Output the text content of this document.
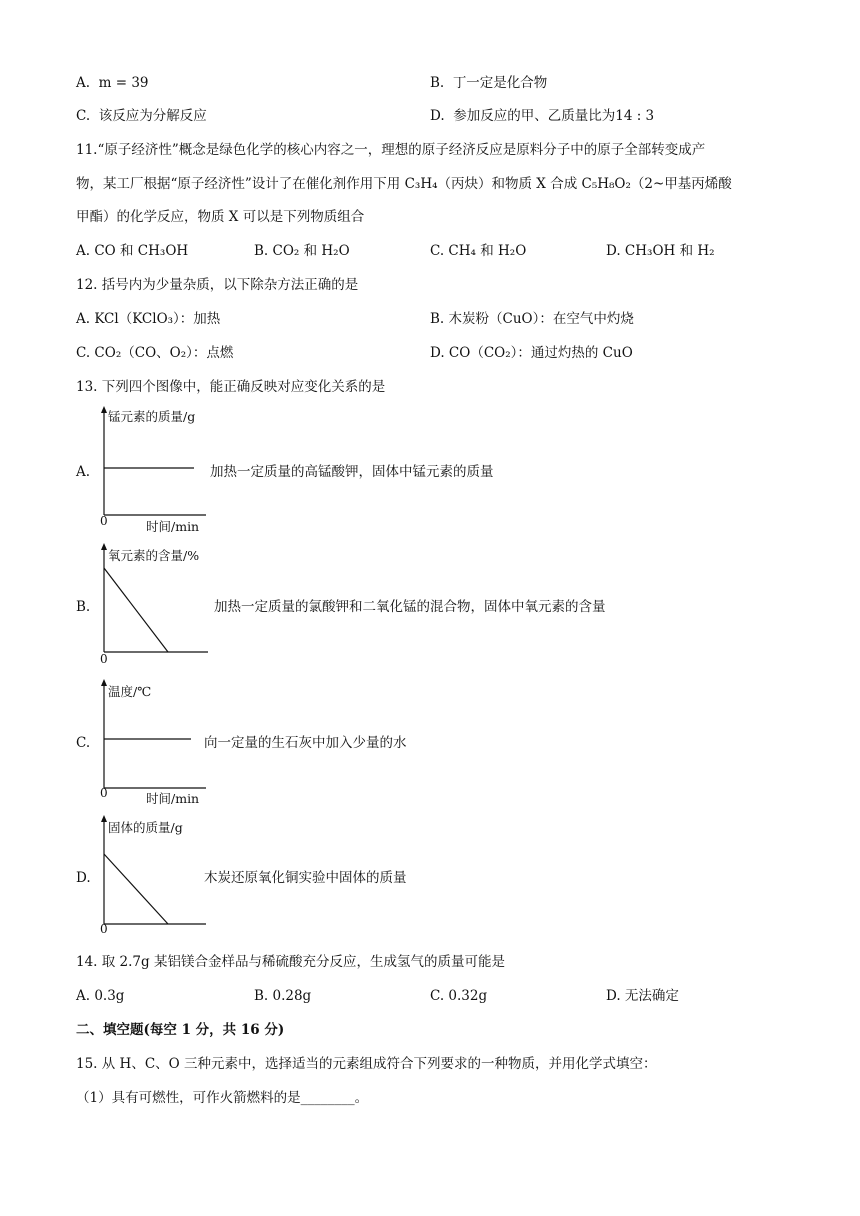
A. m = 39	B. 丁一定是化合物
C. 该反应为分解反应	D. 参加反应的甲、乙质量比为14 : 3
11.“原子经济性”概念是绿色化学的核心内容之一，理想的原子经济反应是原料分子中的原子全部转变成产
物，某工厂根据“原子经济性”设计了在催化剂作用下用 C₃H₄（丙炔）和物质 X 合成 C₅H₈O₂（2~甲基丙烯酸
甲酯）的化学反应，物质 X 可以是下列物质组合
A. CO 和 CH₃OH	B. CO₂ 和 H₂O	C. CH₄ 和 H₂O	D. CH₃OH 和 H₂
12. 括号内为少量杂质，以下除杂方法正确的是
A. KCl（KClO₃）：加热	B. 木炭粉（CuO）：在空气中灼烧
C. CO₂（CO、O₂）：点燃	D. CO（CO₂）：通过灼热的 CuO
13. 下列四个图像中，能正确反映对应变化关系的是
A.
锰元素的质量/g
0	时间/min
加热一定质量的高锰酸钾，固体中锰元素的质量
B.
氧元素的含量/%
0
加热一定质量的氯酸钾和二氧化锰的混合物，固体中氧元素的含量
C.
温度/℃
0	时间/min
向一定量的生石灰中加入少量的水
D.
固体的质量/g
0
木炭还原氧化铜实验中固体的质量
14. 取 2.7g 某铝镁合金样品与稀硫酸充分反应，生成氢气的质量可能是
A. 0.3g	B. 0.28g	C. 0.32g	D. 无法确定
二、填空题(每空 1 分，共 16 分)
15. 从 H、C、O 三种元素中，选择适当的元素组成符合下列要求的一种物质，并用化学式填空：
（1）具有可燃性，可作火箭燃料的是________。
